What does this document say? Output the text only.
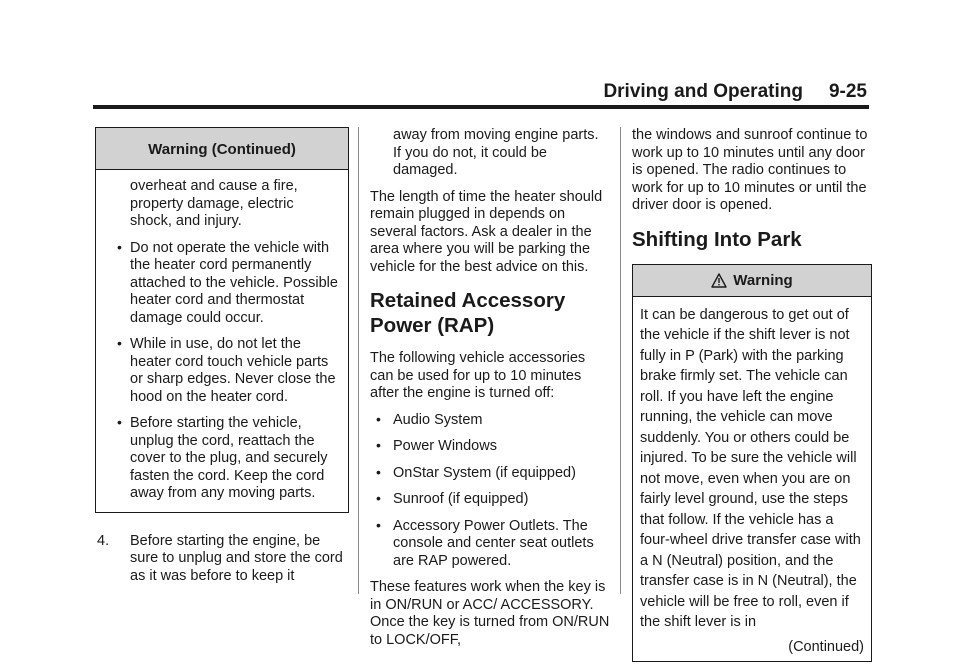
Driving and Operating 9-25
Warning (Continued)
overheat and cause a fire, property damage, electric shock, and injury.
• Do not operate the vehicle with the heater cord permanently attached to the vehicle. Possible heater cord and thermostat damage could occur.
• While in use, do not let the heater cord touch vehicle parts or sharp edges. Never close the hood on the heater cord.
• Before starting the vehicle, unplug the cord, reattach the cover to the plug, and securely fasten the cord. Keep the cord away from any moving parts.
4.	Before starting the engine, be sure to unplug and store the cord as it was before to keep it
away from moving engine parts. If you do not, it could be damaged.
The length of time the heater should remain plugged in depends on several factors. Ask a dealer in the area where you will be parking the vehicle for the best advice on this.
Retained Accessory Power (RAP)
The following vehicle accessories can be used for up to 10 minutes after the engine is turned off:
• Audio System
• Power Windows
• OnStar System (if equipped)
• Sunroof (if equipped)
• Accessory Power Outlets. The console and center seat outlets are RAP powered.
These features work when the key is in ON/RUN or ACC/ ACCESSORY. Once the key is turned from ON/RUN to LOCK/OFF,
the windows and sunroof continue to work up to 10 minutes until any door is opened. The radio continues to work for up to 10 minutes or until the driver door is opened.
Shifting Into Park
Warning
It can be dangerous to get out of the vehicle if the shift lever is not fully in P (Park) with the parking brake firmly set. The vehicle can roll. If you have left the engine running, the vehicle can move suddenly. You or others could be injured. To be sure the vehicle will not move, even when you are on fairly level ground, use the steps that follow. If the vehicle has a four-wheel drive transfer case with a N (Neutral) position, and the transfer case is in N (Neutral), the vehicle will be free to roll, even if the shift lever is in
(Continued)
